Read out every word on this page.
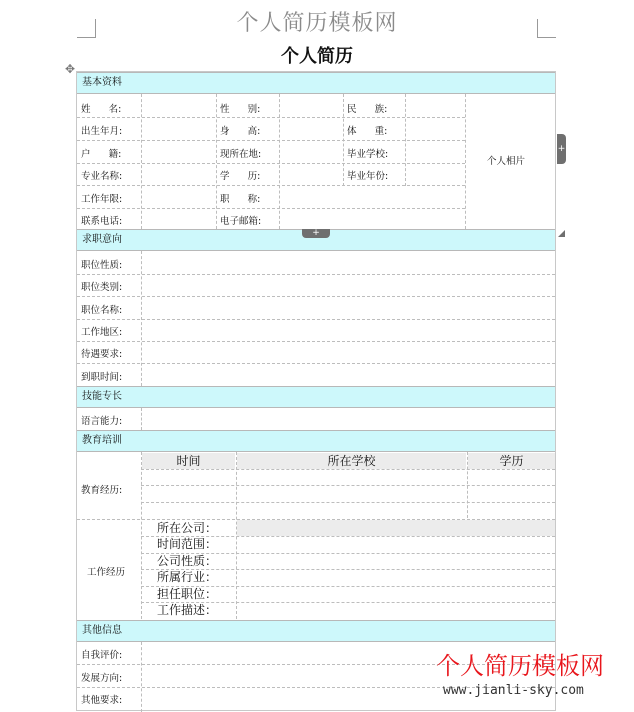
个人简历模板网
个人简历
✥
基本资料
姓      名:	性      别:	民      族:
出生年月:	身      高:	体      重:
户      籍:	现所在地:	毕业学校:
专业名称:	学      历:	毕业年份:
工作年限:	职      称:
联系电话:	电子邮箱:
个人相片
求职意向
职位性质:
职位类别:
职位名称:
工作地区:
待遇要求:
到职时间:
技能专长
语言能力:
教育培训
时间	所在学校	学历
教育经历:
工作经历
所在公司：
时间范围：
公司性质：
所属行业：
担任职位：
工作描述：
其他信息
自我评价:
发展方向:
其他要求:
+
+
个人简历模板网
www.jianli-sky.com
